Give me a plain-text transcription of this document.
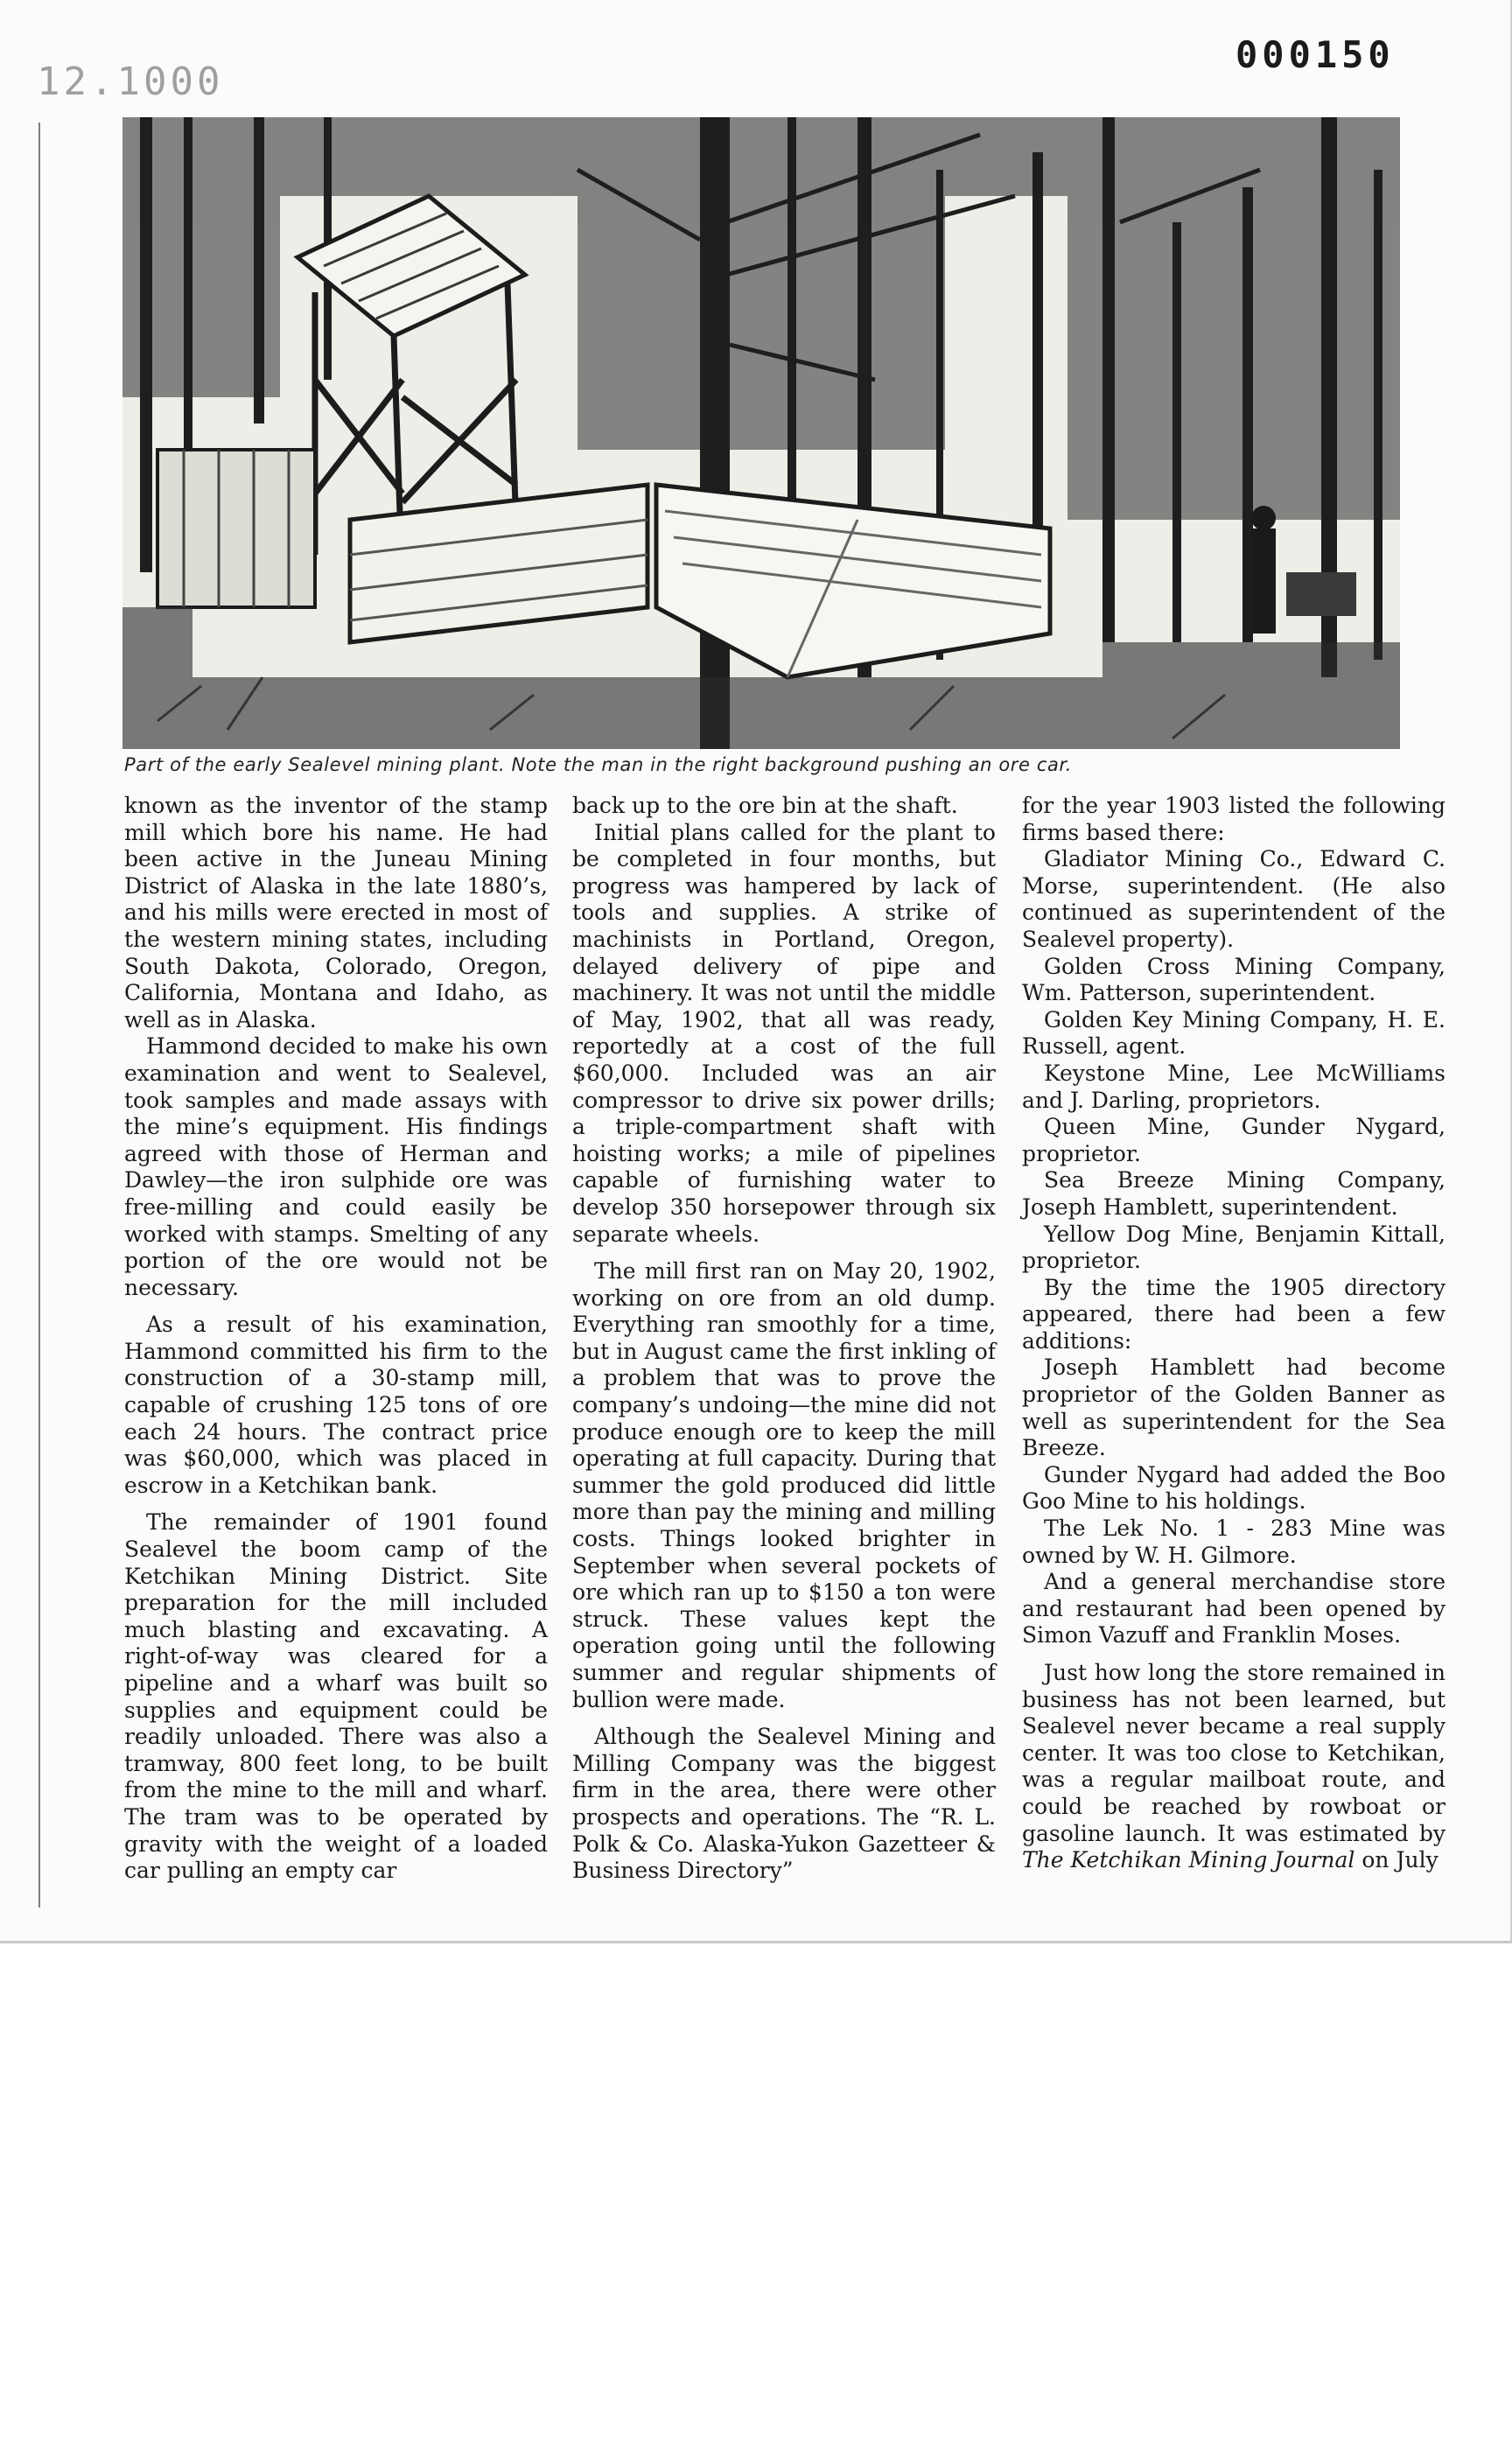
12.1000
000150
Part of the early Sealevel mining plant. Note the man in the right background pushing an ore car.

known as the inventor of the stamp mill which bore his name. He had been active in the Juneau Mining District of Alaska in the late 1880’s, and his mills were erected in most of the western mining states, including South Dakota, Colorado, Oregon, California, Montana and Idaho, as well as in Alaska.

Hammond decided to make his own examination and went to Sealevel, took samples and made assays with the mine’s equipment. His findings agreed with those of Herman and Dawley—the iron sulphide ore was free-milling and could easily be worked with stamps. Smelting of any portion of the ore would not be necessary.

As a result of his examination, Hammond committed his firm to the construction of a 30-stamp mill, capable of crushing 125 tons of ore each 24 hours. The contract price was $60,000, which was placed in escrow in a Ketchikan bank.

The remainder of 1901 found Sealevel the boom camp of the Ketchikan Mining District. Site preparation for the mill included much blasting and excavating. A right-of-way was cleared for a pipeline and a wharf was built so supplies and equipment could be readily unloaded. There was also a tramway, 800 feet long, to be built from the mine to the mill and wharf. The tram was to be operated by gravity with the weight of a loaded car pulling an empty car

back up to the ore bin at the shaft.

Initial plans called for the plant to be completed in four months, but progress was hampered by lack of tools and supplies. A strike of machinists in Portland, Oregon, delayed delivery of pipe and machinery. It was not until the middle of May, 1902, that all was ready, reportedly at a cost of the full $60,000. Included was an air compressor to drive six power drills; a triple-compartment shaft with hoisting works; a mile of pipelines capable of furnishing water to develop 350 horsepower through six separate wheels.

The mill first ran on May 20, 1902, working on ore from an old dump. Everything ran smoothly for a time, but in August came the first inkling of a problem that was to prove the company’s undoing—the mine did not produce enough ore to keep the mill operating at full capacity. During that summer the gold produced did little more than pay the mining and milling costs. Things looked brighter in September when several pockets of ore which ran up to $150 a ton were struck. These values kept the operation going until the following summer and regular shipments of bullion were made.

Although the Sealevel Mining and Milling Company was the biggest firm in the area, there were other prospects and operations. The “R. L. Polk & Co. Alaska-Yukon Gazetteer & Business Directory”

for the year 1903 listed the following firms based there:

Gladiator Mining Co., Edward C. Morse, superintendent. (He also continued as superintendent of the Sealevel property).

Golden Cross Mining Company, Wm. Patterson, superintendent.

Golden Key Mining Company, H. E. Russell, agent.

Keystone Mine, Lee McWilliams and J. Darling, proprietors.

Queen Mine, Gunder Nygard, proprietor.

Sea Breeze Mining Company, Joseph Hamblett, superintendent.

Yellow Dog Mine, Benjamin Kittall, proprietor.

By the time the 1905 directory appeared, there had been a few additions:

Joseph Hamblett had become proprietor of the Golden Banner as well as superintendent for the Sea Breeze.

Gunder Nygard had added the Boo Goo Mine to his holdings.

The Lek No. 1 - 283 Mine was owned by W. H. Gilmore.

And a general merchandise store and restaurant had been opened by Simon Vazuff and Franklin Moses.

Just how long the store remained in business has not been learned, but Sealevel never became a real supply center. It was too close to Ketchikan, was a regular mailboat route, and could be reached by rowboat or gasoline launch. It was estimated by The Ketchikan Mining Journal on July
